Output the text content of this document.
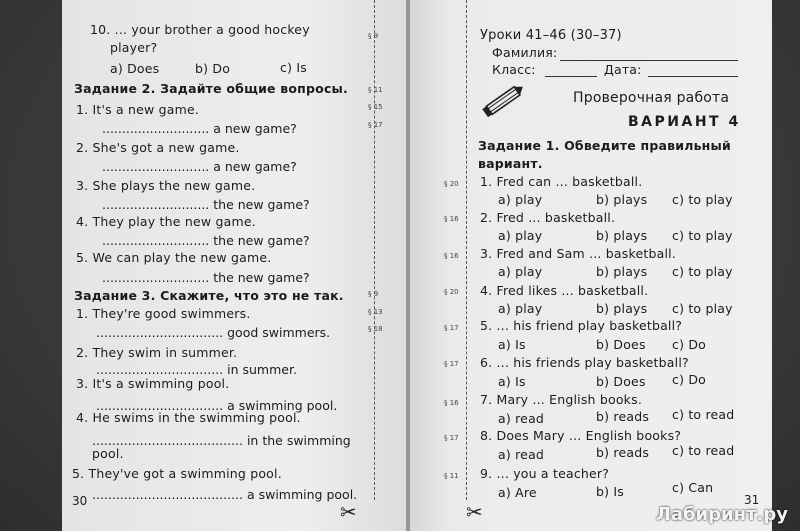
10. ... your brother a good hockey
player?
a) Does	b) Do	c) Is
Задание 2. Задайте общие вопросы.
1. It's a new game.
........................... a new game?
2. She's got a new game.
........................... a new game?
3. She plays the new game.
........................... the new game?
4. They play the new game.
........................... the new game?
5. We can play the new game.
........................... the new game?
Задание 3. Скажите, что это не так.
1. They're good swimmers.
................................ good swimmers.
2. They swim in summer.
................................ in summer.
3. It's a swimming pool.
................................ a swimming pool.
4. He swims in the swimming pool.
...................................... in the swimming
pool.
5. They've got a swimming pool.
...................................... a swimming pool.
30
§ 9
§ 11
§ 15
§ 17
§ 9
§ 13
§ 18
✂
Уроки 41–46 (30–37)
Фамилия:
Класс:	Дата:
Проверочная работа
ВАРИАНТ 4
Задание 1. Обведите правильный
вариант.
§ 20 1. Fred can ... basketball.
a) play	b) plays c) to play
§ 16 2. Fred ... basketball.
a) play	b) plays c) to play
§ 16 3. Fred and Sam ... basketball.
a) play	b) plays c) to play
§ 20 4. Fred likes ... basketball.
a) play	b) plays c) to play
§ 17 5. ... his friend play basketball?
a) Is	b) Does c) Do
§ 17 6. ... his friends play basketball?
a) Is	b) Does c) Do
§ 16 7. Mary ... English books.
a) read	b) reads c) to read
§ 17 8. Does Mary ... English books?
a) read	b) reads c) to read
§ 11 9. ... you a teacher?
a) Are	b) Is	c) Can
31
✂	Лабиринт.ру
